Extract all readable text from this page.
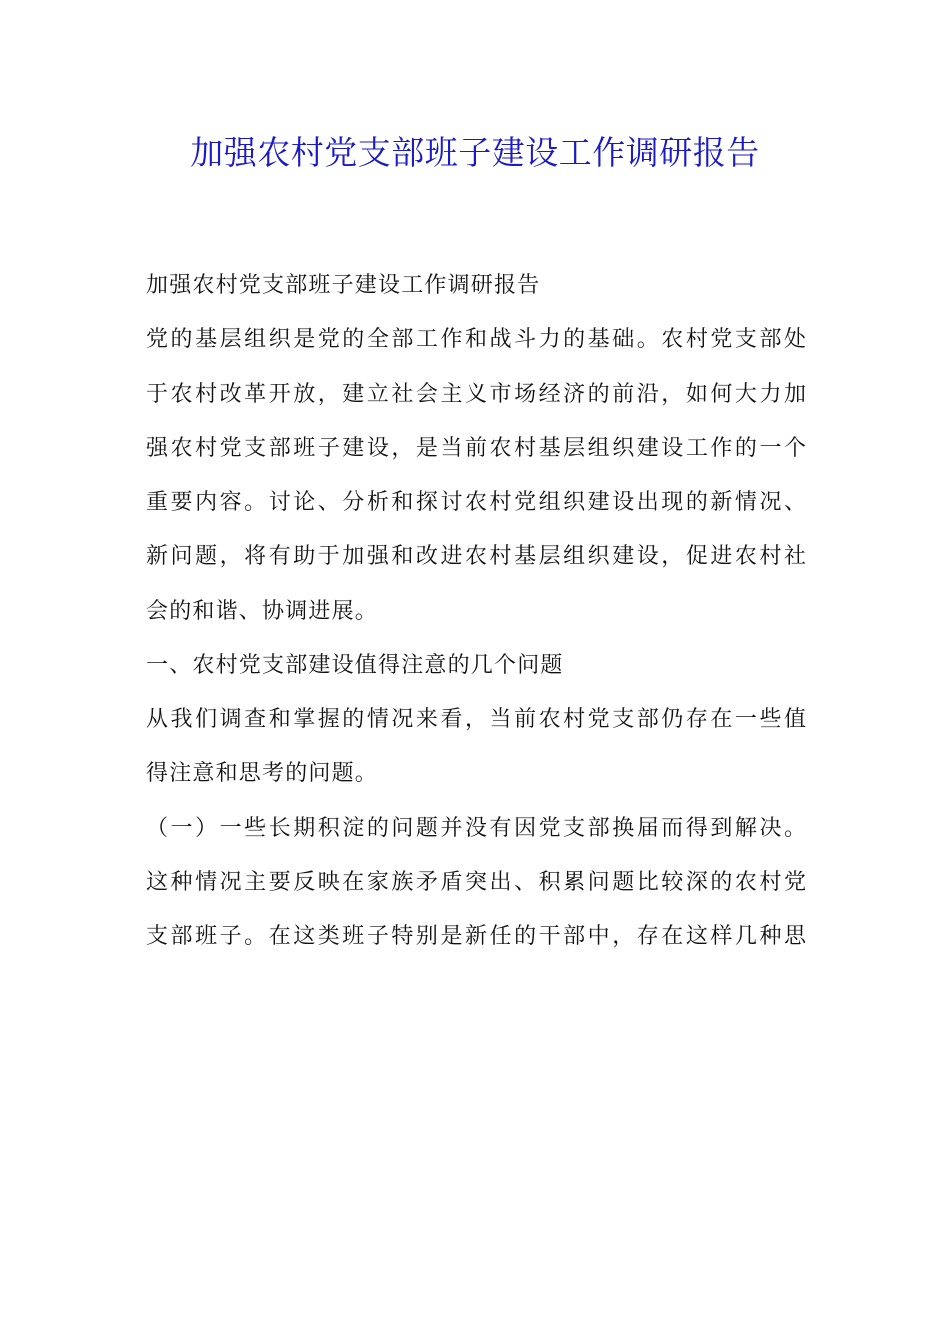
加强农村党支部班子建设工作调研报告
加强农村党支部班子建设工作调研报告
党的基层组织是党的全部工作和战斗力的基础。农村党支部处
于农村改革开放，建立社会主义市场经济的前沿，如何大力加
强农村党支部班子建设，是当前农村基层组织建设工作的一个
重要内容。讨论、分析和探讨农村党组织建设出现的新情况、
新问题，将有助于加强和改进农村基层组织建设，促进农村社
会的和谐、协调进展。
一、农村党支部建设值得注意的几个问题
从我们调查和掌握的情况来看，当前农村党支部仍存在一些值
得注意和思考的问题。
（一）一些长期积淀的问题并没有因党支部换届而得到解决。
这种情况主要反映在家族矛盾突出、积累问题比较深的农村党
支部班子。在这类班子特别是新任的干部中，存在这样几种思
